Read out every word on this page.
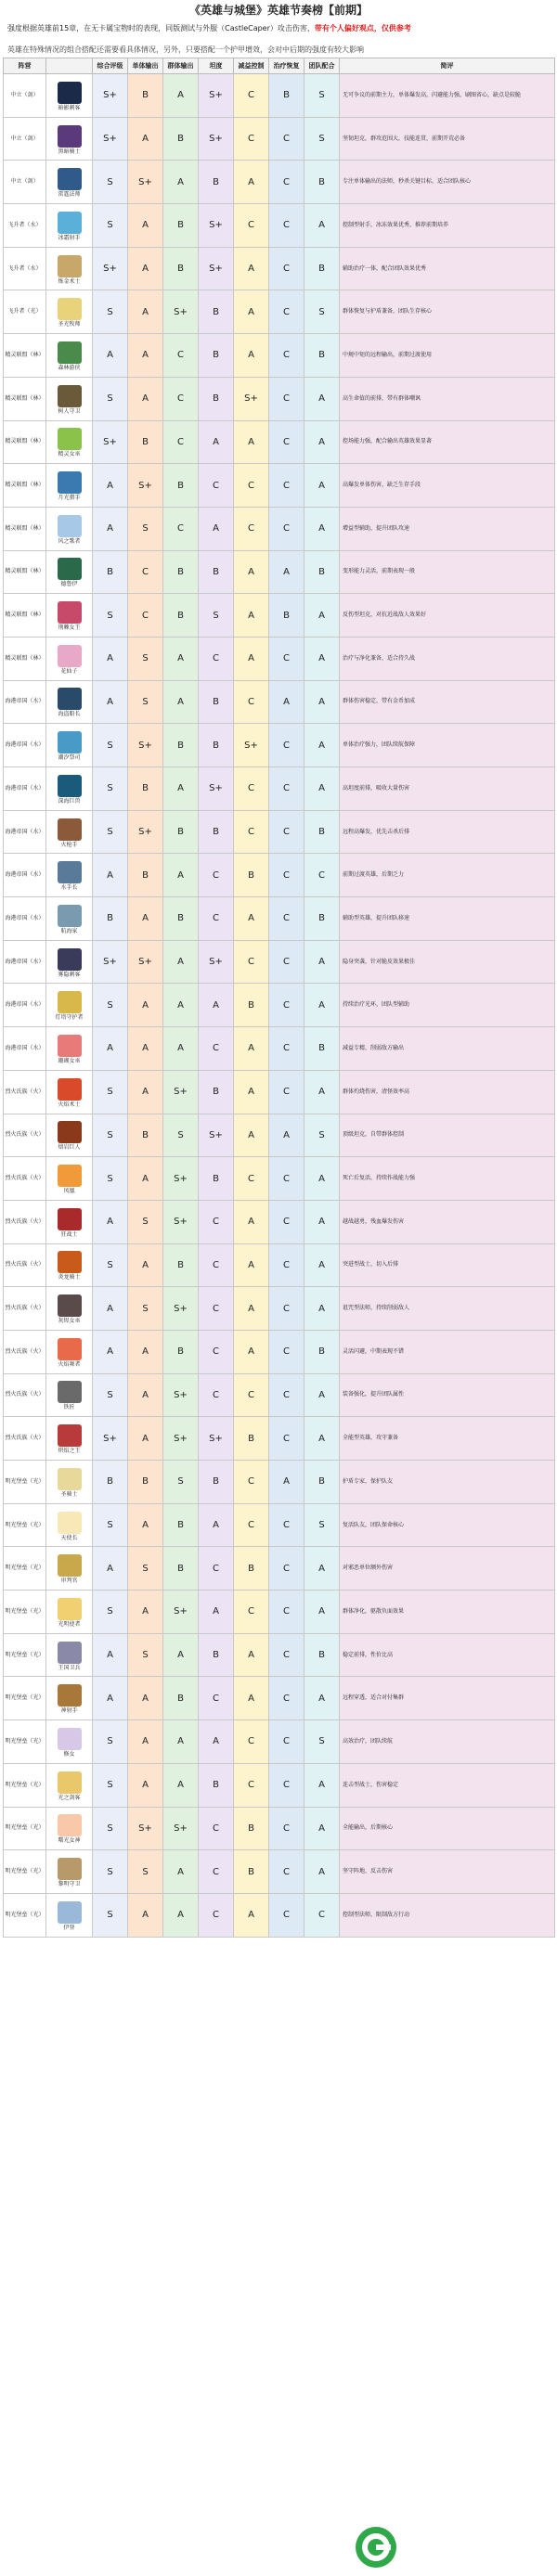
《英雄与城堡》英雄节奏榜【前期】
强度根据英雄前15章，在无卡属宝物时的表现，同版测试与外服（CastleCaper）攻击伤害，带有个人偏好观点，仅供参考
英雄在特殊情况的组合搭配还需要看具体情况，另外，只要搭配一个护甲增效，会对中后期的强度有较大影响
阵营		综合评级	单体输出	群体输出	坦度	减益控制	治疗恢复	团队配合	简评
中立（剑）	暗影刺客	S+	B	A	S+	C	B	S	无可争议的前期主力，单体爆发高，闪避能力强，刷图省心，缺点是较脆
中立（剑）	黑暗骑士	S+	A	B	S+	C	C	S	坚韧坦克，群攻范围大，技能连贯，前期开荒必备
中立（剑）	雷霆法师	S	S+	A	B	A	C	B	专注单体输出的法师，秒杀关键目标，适合团队核心
飞升者（水）	冰霜射手	S	A	B	S+	C	C	A	控制型射手，冰冻效果优秀，推荐前期培养
飞升者（水）	炼金术士	S+	A	B	S+	A	C	B	辅助治疗一体，配合团队效果优秀
飞升者（光）	圣光牧师	S	A	S+	B	A	C	S	群体恢复与护盾兼备，团队生存核心
精灵联盟（林）	森林游侠	A	A	C	B	A	C	B	中规中矩的远程输出，前期过渡使用
精灵联盟（林）	树人守卫	S	A	C	B	S+	C	A	高生命值的前排，带有群体嘲讽
精灵联盟（林）	精灵女巫	S+	B	C	A	A	C	A	控场能力强，配合输出英雄效果显著
精灵联盟（林）	月光猎手	A	S+	B	C	C	C	A	高爆发单体伤害，缺乏生存手段
精灵联盟（林）	风之歌者	A	S	C	A	C	C	A	增益型辅助，提升团队攻速
精灵联盟（林）	德鲁伊	B	C	B	B	A	A	B	变形能力灵活，前期表现一般
精灵联盟（林）	荆棘女王	S	C	B	S	A	B	A	反伤型坦克，对抗近战敌人效果好
精灵联盟（林）	花仙子	A	S	A	C	A	C	A	治疗与净化兼备，适合持久战
海港帝国（水）	海盗船长	A	S	A	B	C	A	A	群体伤害稳定，带有金币加成
海港帝国（水）	潮汐祭司	S	S+	B	B	S+	C	A	单体治疗强力，团队续航保障
海港帝国（水）	深海巨兽	S	B	A	S+	C	C	A	高坦度前排，吸收大量伤害
海港帝国（水）	火枪手	S	S+	B	B	C	C	B	远程高爆发，优先击杀后排
海港帝国（水）	水手长	A	B	A	C	B	C	C	前期过渡英雄，后期乏力
海港帝国（水）	航海家	B	A	B	C	A	C	B	辅助型英雄，提升团队移速
海港帝国（水）	雾隐刺客	S+	S+	A	S+	C	C	A	隐身突袭，针对脆皮效果极佳
海港帝国（水）	灯塔守护者	S	A	A	A	B	C	A	持续治疗光环，团队型辅助
海港帝国（水）	珊瑚女巫	A	A	A	C	A	C	B	减益专精，削弱敌方输出
烈火氏族（火）	火焰术士	S	A	S+	B	A	C	A	群体灼烧伤害，清怪效率高
烈火氏族（火）	熔岩巨人	S	B	S	S+	A	A	S	顶级坦克，自带群体控制
烈火氏族（火）	凤凰	S	A	S+	B	C	C	A	死亡后复活，持续作战能力强
烈火氏族（火）	狂战士	A	S	S+	C	A	C	A	越战越勇，残血爆发伤害
烈火氏族（火）	炎龙骑士	S	A	B	C	A	C	A	突进型战士，切入后排
烈火氏族（火）	灰烬女巫	A	S	S+	C	A	C	A	诅咒型法师，持续削弱敌人
烈火氏族（火）	火焰舞者	A	A	B	C	A	C	B	灵活闪避，中期表现不错
烈火氏族（火）	铁匠	S	A	S+	C	C	C	A	装备强化，提升团队属性
烈火氏族（火）	炽焰之王	S+	A	S+	S+	B	C	A	全能型英雄，攻守兼备
明光堡垒（光）	圣骑士	B	B	S	B	C	A	B	护盾专家，保护队友
明光堡垒（光）	天使长	S	A	B	A	C	C	S	复活队友，团队保命核心
明光堡垒（光）	审判官	A	S	B	C	B	C	A	对邪恶单位额外伤害
明光堡垒（光）	光明使者	S	A	S+	A	C	C	A	群体净化，驱散负面效果
明光堡垒（光）	王国卫兵	A	S	A	B	A	C	B	稳定前排，性价比高
明光堡垒（光）	神射手	A	A	B	C	A	C	A	远程穿透，适合对付集群
明光堡垒（光）	修女	S	A	A	A	C	C	S	高效治疗，团队续航
明光堡垒（光）	光之剑客	S	A	A	B	C	C	A	连击型战士，伤害稳定
明光堡垒（光）	曙光女神	S	S+	S+	C	B	C	A	全能输出，后期核心
明光堡垒（光）	黎明守卫	S	S	A	C	B	C	A	坚守阵地，反击伤害
明光堡垒（光）	伊登	S	A	A	C	A	C	C	控制型法师，限制敌方行动
